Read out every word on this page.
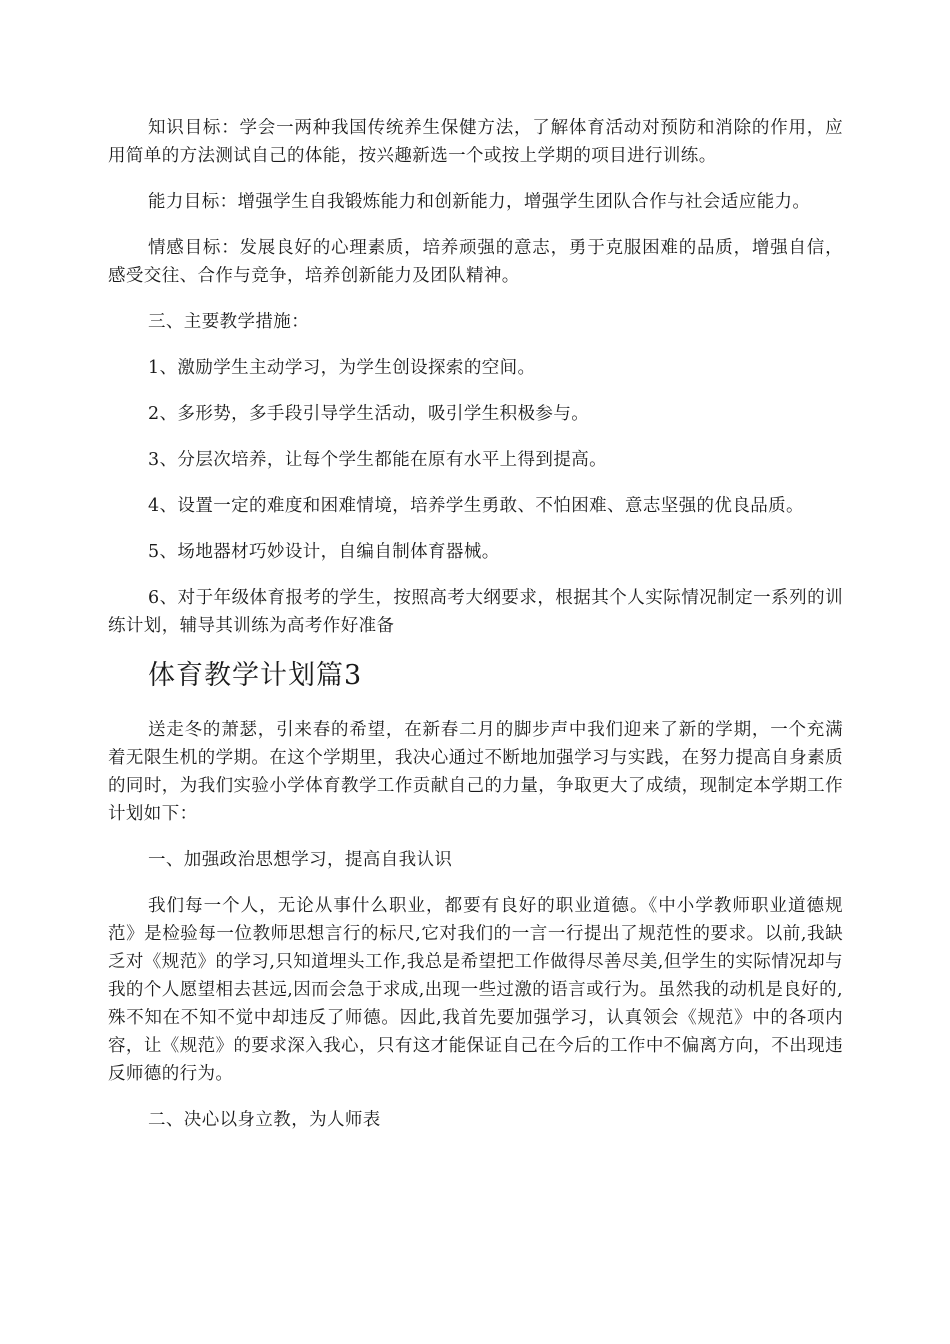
知识目标：学会一两种我国传统养生保健方法，了解体育活动对预防和消除的作用，应用简单的方法测试自己的体能，按兴趣新选一个或按上学期的项目进行训练。

能力目标：增强学生自我锻炼能力和创新能力，增强学生团队合作与社会适应能力。

情感目标：发展良好的心理素质，培养顽强的意志，勇于克服困难的品质，增强自信，感受交往、合作与竞争，培养创新能力及团队精神。

三、主要教学措施：

1、激励学生主动学习，为学生创设探索的空间。

2、多形势，多手段引导学生活动，吸引学生积极参与。

3、分层次培养，让每个学生都能在原有水平上得到提高。

4、设置一定的难度和困难情境，培养学生勇敢、不怕困难、意志坚强的优良品质。

5、场地器材巧妙设计，自编自制体育器械。

6、对于年级体育报考的学生，按照高考大纲要求，根据其个人实际情况制定一系列的训练计划，辅导其训练为高考作好准备

体育教学计划篇3

送走冬的萧瑟，引来春的希望，在新春二月的脚步声中我们迎来了新的学期，一个充满着无限生机的学期。在这个学期里，我决心通过不断地加强学习与实践，在努力提高自身素质的同时，为我们实验小学体育教学工作贡献自己的力量，争取更大了成绩，现制定本学期工作计划如下：

一、加强政治思想学习，提高自我认识

我们每一个人，无论从事什么职业，都要有良好的职业道德。《中小学教师职业道德规范》是检验每一位教师思想言行的标尺,它对我们的一言一行提出了规范性的要求。以前,我缺乏对《规范》的学习,只知道埋头工作,我总是希望把工作做得尽善尽美,但学生的实际情况却与我的个人愿望相去甚远,因而会急于求成,出现一些过激的语言或行为。虽然我的动机是良好的,殊不知在不知不觉中却违反了师德。因此,我首先要加强学习，认真领会《规范》中的各项内容，让《规范》的要求深入我心，只有这才能保证自己在今后的工作中不偏离方向，不出现违反师德的行为。

二、决心以身立教，为人师表
